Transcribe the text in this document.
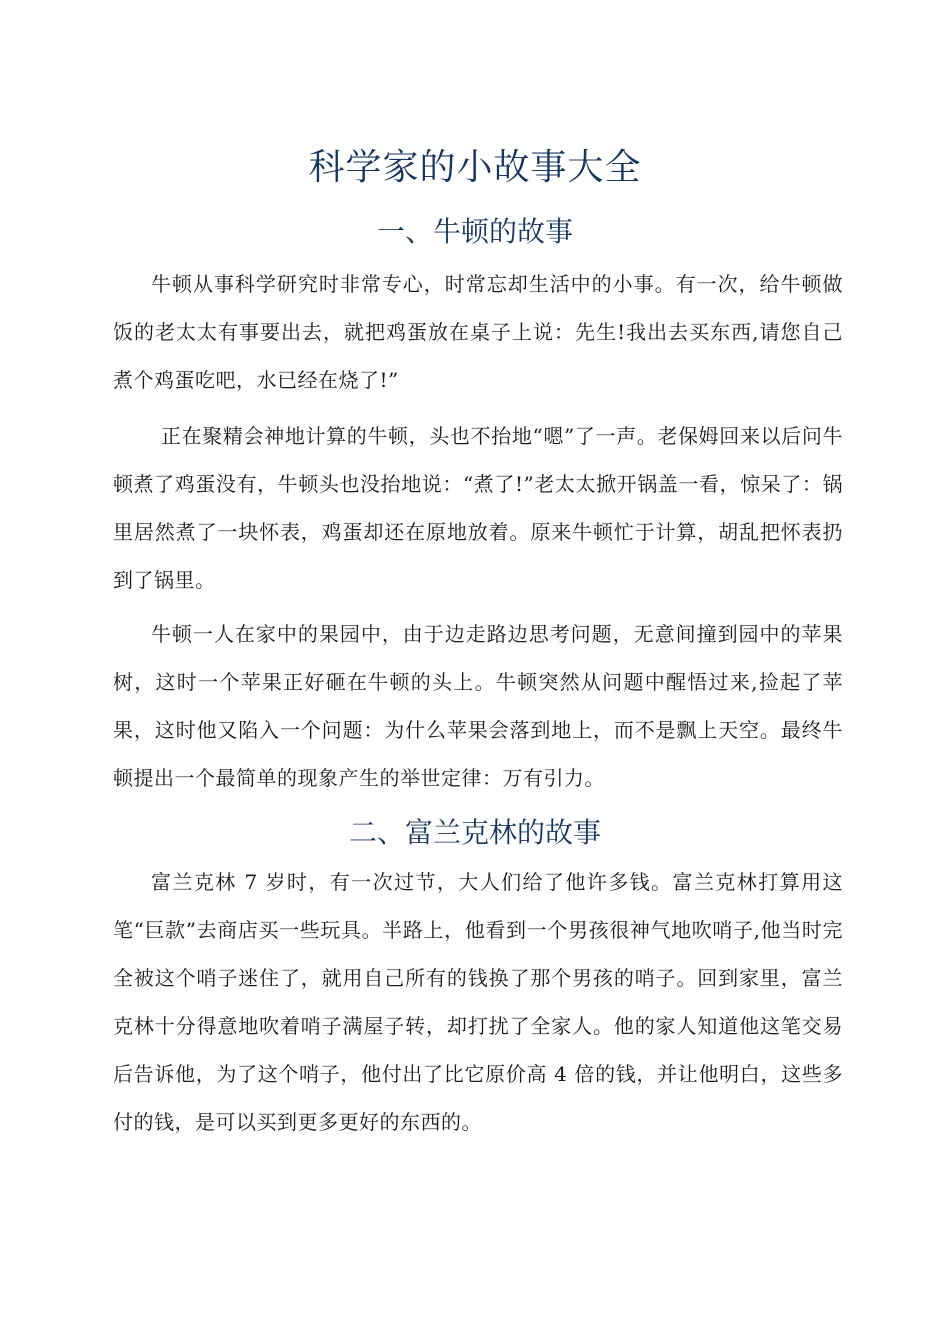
科学家的小故事大全
一、牛顿的故事
牛顿从事科学研究时非常专心，时常忘却生活中的小事。有一次，给牛顿做饭的老太太有事要出去，就把鸡蛋放在桌子上说：先生!我出去买东西,请您自己煮个鸡蛋吃吧，水已经在烧了!”
正在聚精会神地计算的牛顿，头也不抬地“嗯”了一声。老保姆回来以后问牛顿煮了鸡蛋没有，牛顿头也没抬地说：“煮了!”老太太掀开锅盖一看，惊呆了：锅里居然煮了一块怀表，鸡蛋却还在原地放着。原来牛顿忙于计算，胡乱把怀表扔到了锅里。
牛顿一人在家中的果园中，由于边走路边思考问题，无意间撞到园中的苹果树，这时一个苹果正好砸在牛顿的头上。牛顿突然从问题中醒悟过来,捡起了苹果，这时他又陷入一个问题：为什么苹果会落到地上，而不是飘上天空。最终牛顿提出一个最简单的现象产生的举世定律：万有引力。
二、富兰克林的故事
富兰克林 7 岁时，有一次过节，大人们给了他许多钱。富兰克林打算用这笔“巨款”去商店买一些玩具。半路上，他看到一个男孩很神气地吹哨子,他当时完全被这个哨子迷住了，就用自己所有的钱换了那个男孩的哨子。回到家里，富兰克林十分得意地吹着哨子满屋子转，却打扰了全家人。他的家人知道他这笔交易后告诉他，为了这个哨子，他付出了比它原价高 4 倍的钱，并让他明白，这些多付的钱，是可以买到更多更好的东西的。
